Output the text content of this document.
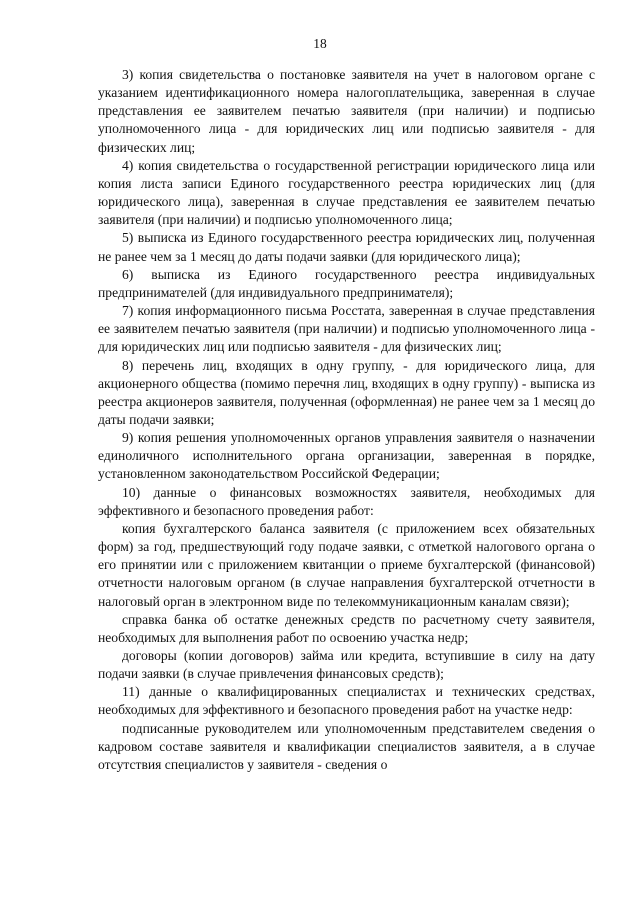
18

3) копия свидетельства о постановке заявителя на учет в налоговом органе с указанием идентификационного номера налогоплательщика, заверенная в случае представления ее заявителем печатью заявителя (при наличии) и подписью уполномоченного лица - для юридических лиц или подписью заявителя - для физических лиц;

4) копия свидетельства о государственной регистрации юридического лица или копия листа записи Единого государственного реестра юридических лиц (для юридического лица), заверенная в случае представления ее заявителем печатью заявителя (при наличии) и подписью уполномоченного лица;

5) выписка из Единого государственного реестра юридических лиц, полученная не ранее чем за 1 месяц до даты подачи заявки (для юридического лица);

6) выписка из Единого государственного реестра индивидуальных предпринимателей (для индивидуального предпринимателя);

7) копия информационного письма Росстата, заверенная в случае представления ее заявителем печатью заявителя (при наличии) и подписью уполномоченного лица - для юридических лиц или подписью заявителя - для физических лиц;

8) перечень лиц, входящих в одну группу, - для юридического лица, для акционерного общества (помимо перечня лиц, входящих в одну группу) - выписка из реестра акционеров заявителя, полученная (оформленная) не ранее чем за 1 месяц до даты подачи заявки;

9) копия решения уполномоченных органов управления заявителя о назначении единоличного исполнительного органа организации, заверенная в порядке, установленном законодательством Российской Федерации;

10) данные о финансовых возможностях заявителя, необходимых для эффективного и безопасного проведения работ:

копия бухгалтерского баланса заявителя (с приложением всех обязательных форм) за год, предшествующий году подаче заявки, с отметкой налогового органа о его принятии или с приложением квитанции о приеме бухгалтерской (финансовой) отчетности налоговым органом (в случае направления бухгалтерской отчетности в налоговый орган в электронном виде по телекоммуникационным каналам связи);

справка банка об остатке денежных средств по расчетному счету заявителя, необходимых для выполнения работ по освоению участка недр;

договоры (копии договоров) займа или кредита, вступившие в силу на дату подачи заявки (в случае привлечения финансовых средств);

11) данные о квалифицированных специалистах и технических средствах, необходимых для эффективного и безопасного проведения работ на участке недр:

подписанные руководителем или уполномоченным представителем сведения о кадровом составе заявителя и квалификации специалистов заявителя, а в случае отсутствия специалистов у заявителя - сведения о
